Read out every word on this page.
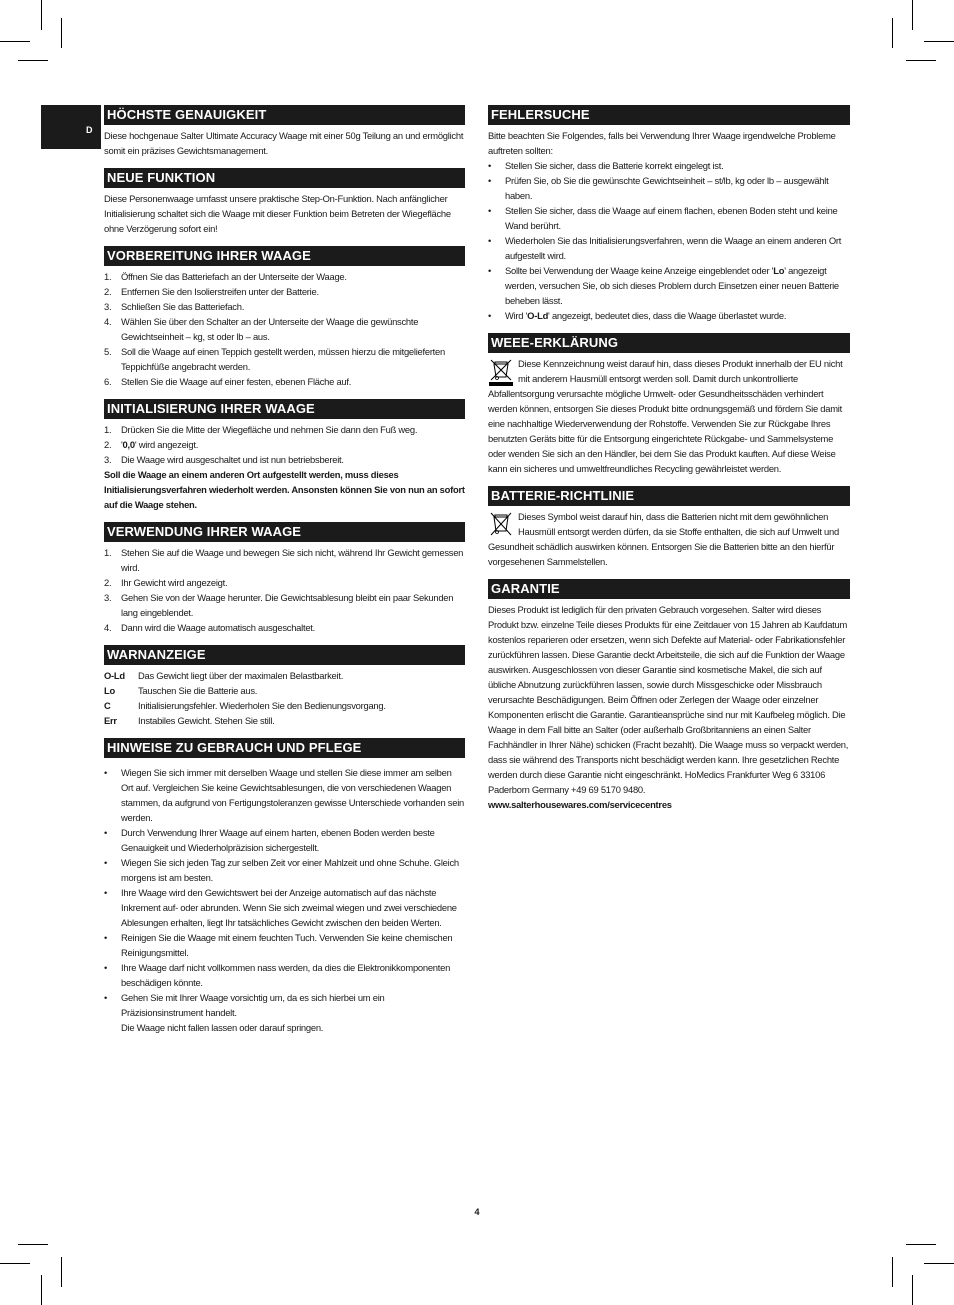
D
HÖCHSTE GENAUIGKEIT

Diese hochgenaue Salter Ultimate Accuracy Waage mit einer 50g Teilung an und ermöglicht somit ein präzises Gewichtsmanagement.

NEUE FUNKTION

Diese Personenwaage umfasst unsere praktische Step-On-Funktion. Nach anfänglicher Initialisierung schaltet sich die Waage mit dieser Funktion beim Betreten der Wiegefläche ohne Verzögerung sofort ein!

VORBEREITUNG IHRER WAAGE
1. Öffnen Sie das Batteriefach an der Unterseite der Waage.
2. Entfernen Sie den Isolierstreifen unter der Batterie.
3. Schließen Sie das Batteriefach.
4. Wählen Sie über den Schalter an der Unterseite der Waage die gewünschte Gewichtseinheit – kg, st oder lb – aus.
5. Soll die Waage auf einen Teppich gestellt werden, müssen hierzu die mitgelieferten Teppichfüße angebracht werden.
6. Stellen Sie die Waage auf einer festen, ebenen Fläche auf.
INITIALISIERUNG IHRER WAAGE
1. Drücken Sie die Mitte der Wiegefläche und nehmen Sie dann den Fuß weg.
2. '0,0' wird angezeigt.
3. Die Waage wird ausgeschaltet und ist nun betriebsbereit.

Soll die Waage an einem anderen Ort aufgestellt werden, muss dieses Initialisierungsverfahren wiederholt werden. Ansonsten können Sie von nun an sofort auf die Waage stehen.

VERWENDUNG IHRER WAAGE
1. Stehen Sie auf die Waage und bewegen Sie sich nicht, während Ihr Gewicht gemessen wird.
2. Ihr Gewicht wird angezeigt.
3. Gehen Sie von der Waage herunter. Die Gewichtsablesung bleibt ein paar Sekunden lang eingeblendet.
4. Dann wird die Waage automatisch ausgeschaltet.
WARNANZEIGE
O-Ld	Das Gewicht liegt über der maximalen Belastbarkeit.
Lo	Tauschen Sie die Batterie aus.
C	Initialisierungsfehler. Wiederholen Sie den Bedienungsvorgang.
Err	Instabiles Gewicht. Stehen Sie still.
HINWEISE ZU GEBRAUCH UND PFLEGE
• Wiegen Sie sich immer mit derselben Waage und stellen Sie diese immer am selben Ort auf. Vergleichen Sie keine Gewichtsablesungen, die von verschiedenen Waagen stammen, da aufgrund von Fertigungstoleranzen gewisse Unterschiede vorhanden sein werden.
• Durch Verwendung Ihrer Waage auf einem harten, ebenen Boden werden beste Genauigkeit und Wiederholpräzision sichergestellt.
• Wiegen Sie sich jeden Tag zur selben Zeit vor einer Mahlzeit und ohne Schuhe. Gleich morgens ist am besten.
• Ihre Waage wird den Gewichtswert bei der Anzeige automatisch auf das nächste Inkrement auf- oder abrunden. Wenn Sie sich zweimal wiegen und zwei verschiedene Ablesungen erhalten, liegt Ihr tatsächliches Gewicht zwischen den beiden Werten.
• Reinigen Sie die Waage mit einem feuchten Tuch. Verwenden Sie keine chemischen Reinigungsmittel.
• Ihre Waage darf nicht vollkommen nass werden, da dies die Elektronikkomponenten beschädigen könnte.
• Gehen Sie mit Ihrer Waage vorsichtig um, da es sich hierbei um ein Präzisionsinstrument handelt.
Die Waage nicht fallen lassen oder darauf springen.
FEHLERSUCHE

Bitte beachten Sie Folgendes, falls bei Verwendung Ihrer Waage irgendwelche Probleme auftreten sollten:

• Stellen Sie sicher, dass die Batterie korrekt eingelegt ist.
• Prüfen Sie, ob Sie die gewünschte Gewichtseinheit – st/lb, kg oder lb – ausgewählt haben.
• Stellen Sie sicher, dass die Waage auf einem flachen, ebenen Boden steht und keine Wand berührt.
• Wiederholen Sie das Initialisierungsverfahren, wenn die Waage an einem anderen Ort aufgestellt wird.
• Sollte bei Verwendung der Waage keine Anzeige eingeblendet oder 'Lo' angezeigt werden, versuchen Sie, ob sich dieses Problem durch Einsetzen einer neuen Batterie beheben lässt.
• Wird 'O-Ld' angezeigt, bedeutet dies, dass die Waage überlastet wurde.
WEEE-ERKLÄRUNG

Diese Kennzeichnung weist darauf hin, dass dieses Produkt innerhalb der EU nicht mit anderem Hausmüll entsorgt werden soll. Damit durch unkontrollierte Abfallentsorgung verursachte mögliche Umwelt- oder Gesundheitsschäden verhindert werden können, entsorgen Sie dieses Produkt bitte ordnungsgemäß und fördern Sie damit eine nachhaltige Wiederverwendung der Rohstoffe. Verwenden Sie zur Rückgabe Ihres benutzten Geräts bitte für die Entsorgung eingerichtete Rückgabe- und Sammelsysteme oder wenden Sie sich an den Händler, bei dem Sie das Produkt kauften. Auf diese Weise kann ein sicheres und umweltfreundliches Recycling gewährleistet werden.

BATTERIE-RICHTLINIE

Dieses Symbol weist darauf hin, dass die Batterien nicht mit dem gewöhnlichen Hausmüll entsorgt werden dürfen, da sie Stoffe enthalten, die sich auf Umwelt und Gesundheit schädlich auswirken können. Entsorgen Sie die Batterien bitte an den hierfür vorgesehenen Sammelstellen.

GARANTIE

Dieses Produkt ist lediglich für den privaten Gebrauch vorgesehen. Salter wird dieses Produkt bzw. einzelne Teile dieses Produkts für eine Zeitdauer von 15 Jahren ab Kaufdatum kostenlos reparieren oder ersetzen, wenn sich Defekte auf Material- oder Fabrikationsfehler zurückführen lassen. Diese Garantie deckt Arbeitsteile, die sich auf die Funktion der Waage auswirken. Ausgeschlossen von dieser Garantie sind kosmetische Makel, die sich auf übliche Abnutzung zurückführen lassen, sowie durch Missgeschicke oder Missbrauch verursachte Beschädigungen. Beim Öffnen oder Zerlegen der Waage oder einzelner Komponenten erlischt die Garantie. Garantieansprüche sind nur mit Kaufbeleg möglich. Die Waage in dem Fall bitte an Salter (oder außerhalb Großbritanniens an einen Salter Fachhändler in Ihrer Nähe) schicken (Fracht bezahlt). Die Waage muss so verpackt werden, dass sie während des Transports nicht beschädigt werden kann. Ihre gesetzlichen Rechte werden durch diese Garantie nicht eingeschränkt. HoMedics Frankfurter Weg 6 33106 Paderborn Germany +49 69 5170 9480.

www.salterhousewares.com/servicecentres
4
